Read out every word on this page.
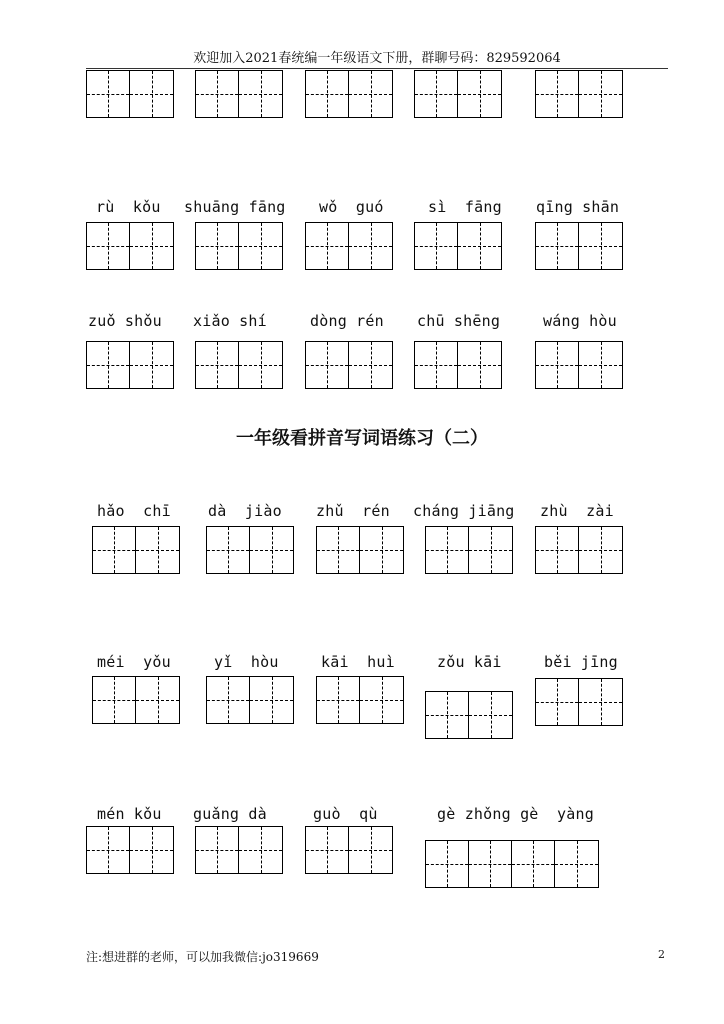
欢迎加入2021春统编一年级语文下册，群聊号码：829592064
rù  kǒu shuāng fāng wǒ  guó	sì  fāng qīng shān
zuǒ shǒu xiǎo shí	dòng rén chū shēng	wáng hòu
hǎo  chī dà  jiào zhǔ  rén cháng jiāng zhù  zài
méi  yǒu	yǐ  hòu	kāi  huì	zǒu kāi	běi jīng
mén kǒu guǎng dà	guò  qù	gè zhǒng gè  yàng
一年级看拼音写词语练习（二）
注:想进群的老师，可以加我微信:jo319669	2
